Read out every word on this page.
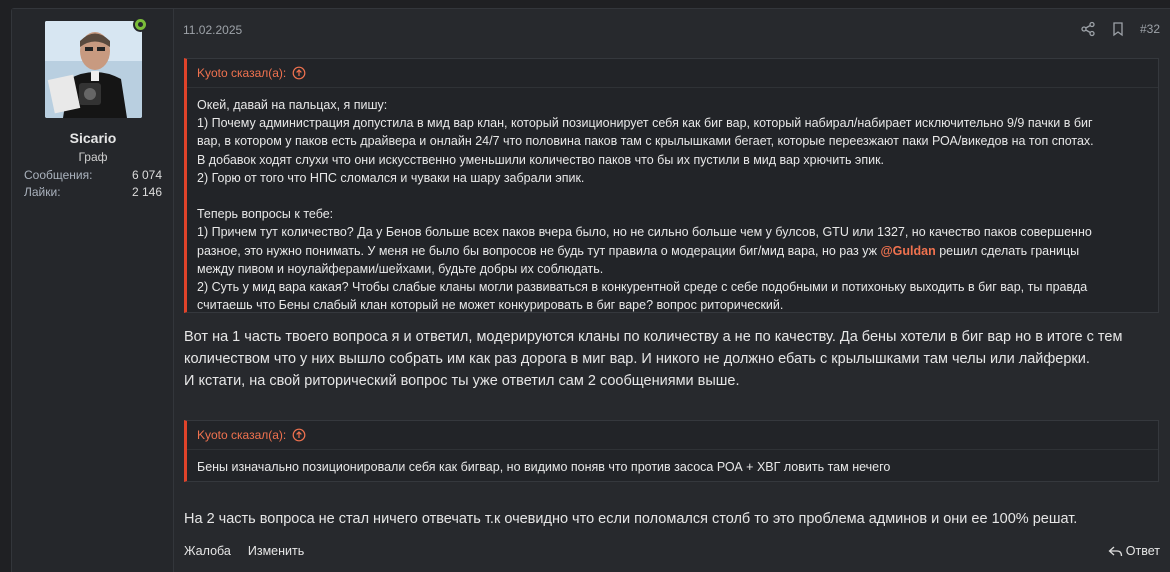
Sicario
Граф
Сообщения:	6 074
Лайки:	2 146
11.02.2025	#32
Kyoto сказал(а):
Окей, давай на пальцах, я пишу:
1) Почему администрация допустила в мид вар клан, который позиционирует себя как биг вар, который набирал/набирает исключительно 9/9 пачки в биг
вар, в котором у паков есть драйвера и онлайн 24/7 что половина паков там с крылышками бегает, которые переезжают паки РОА/викедов на топ спотах.
В добавок ходят слухи что они искусственно уменьшили количество паков что бы их пустили в мид вар хрючить эпик.
2) Горю от того что НПС сломался и чуваки на шару забрали эпик.
Теперь вопросы к тебе:
1) Причем тут количество? Да у Бенов больше всех паков вчера было, но не сильно больше чем у булсов, GTU или 1327, но качество паков совершенно
разное, это нужно понимать. У меня не было бы вопросов не будь тут правила о модерации биг/мид вара, но раз уж @Guldan решил сделать границы
между пивом и ноулайферами/шейхами, будьте добры их соблюдать.
2) Суть у мид вара какая? Чтобы слабые кланы могли развиваться в конкурентной среде с себе подобными и потихоньку выходить в биг вар, ты правда
считаешь что Бены слабый клан который не может конкурировать в биг варе? вопрос риторический.
Вот на 1 часть твоего вопроса я и ответил, модерируются кланы по количеству а не по качеству. Да бены хотели в биг вар но в итоге с тем
количеством что у них вышло собрать им как раз дорога в миг вар. И никого не должно ебать с крылышками там челы или лайферки.
И кстати, на свой риторический вопрос ты уже ответил сам 2 сообщениями выше.
Kyoto сказал(а):
Бены изначально позиционировали себя как бигвар, но видимо поняв что против засоса РОА + ХВГ ловить там нечего
На 2 часть вопроса не стал ничего отвечать т.к очевидно что если поломался столб то это проблема админов и они ее 100% решат.
Жалоба Изменить	Ответ
